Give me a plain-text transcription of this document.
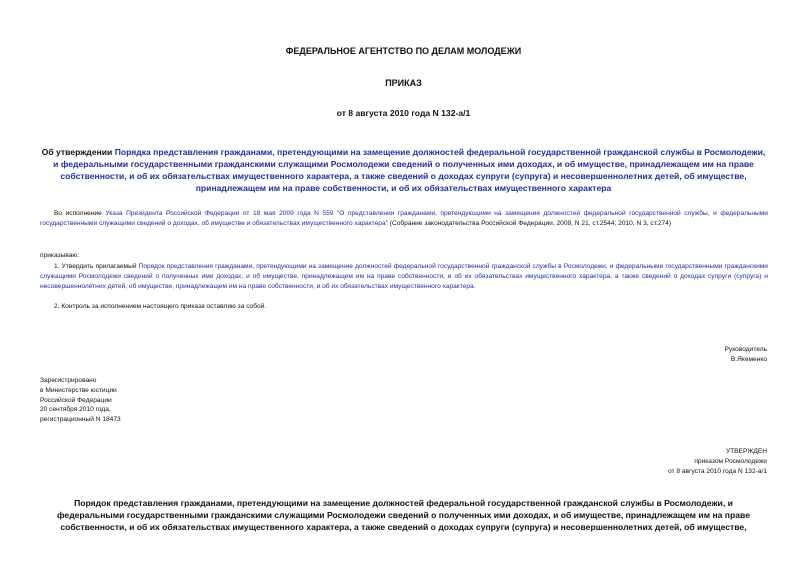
ФЕДЕРАЛЬНОЕ АГЕНТСТВО ПО ДЕЛАМ МОЛОДЕЖИ
ПРИКАЗ
от 8 августа 2010 года N 132-а/1
Об утверждении Порядка представления гражданами, претендующими на замещение должностей федеральной государственной гражданской службы в Росмолодежи, и федеральными государственными гражданскими служащими Росмолодежи сведений о полученных ими доходах, и об имуществе, принадлежащем им на праве собственности, и об их обязательствах имущественного характера, а также сведений о доходах супруги (супруга) и несовершеннолетних детей, об имуществе, принадлежащем им на праве собственности, и об их обязательствах имущественного характера
Во исполнение Указа Президента Российской Федерации от 18 мая 2009 года N 559 "О представлении гражданами, претендующими на замещение должностей федеральной государственной службы, и федеральными государственными служащими сведений о доходах, об имуществе и обязательствах имущественного характера" (Собрание законодательства Российской Федерации, 2009, N 21, ст.2544; 2010, N 3, ст.274)
приказываю:
1. Утвердить прилагаемый Порядок представления гражданами, претендующими на замещение должностей федеральной государственной гражданской службы в Росмолодежи, и федеральными государственными гражданскими служащими Росмолодежи сведений о полученных ими доходах, и об имуществе, принадлежащем им на праве собственности, и об их обязательствах имущественного характера, а также сведений о доходах супруги (супруга) и несовершеннолетних детей, об имуществе, принадлежащем им на праве собственности, и об их обязательствах имущественного характера.
2. Контроль за исполнением настоящего приказа оставляю за собой.
Руководитель
В.Якеменко
Зарегистрировано
в Министерстве юстиции
Российской Федерации
20 сентября 2010 года,
регистрационный N 18473
УТВЕРЖДЕН
приказом Росмолодежи
от 8 августа 2010 года N 132-а/1
Порядок представления гражданами, претендующими на замещение должностей федеральной государственной гражданской службы в Росмолодежи, и федеральными государственными гражданскими служащими Росмолодежи сведений о полученных ими доходах, и об имуществе, принадлежащем им на праве собственности, и об их обязательствах имущественного характера, а также сведений о доходах супруги (супруга) и несовершеннолетних детей, об имуществе,
